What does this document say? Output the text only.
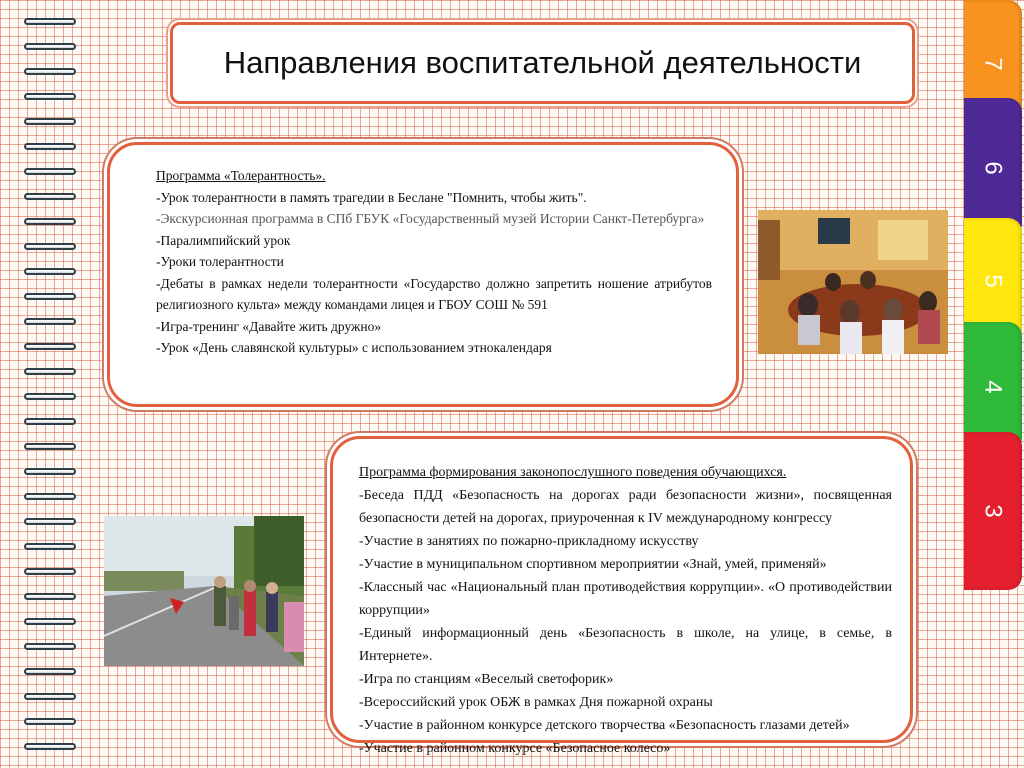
Направления воспитательной деятельности

Программа «Толерантность».

-Урок толерантности в память трагедии в Беслане "Помнить, чтобы жить".

-Экскурсионная программа в СПб ГБУК «Государственный музей Истории Санкт-Петербурга»

-Паралимпийский урок

-Уроки толерантности

-Дебаты в рамках недели толерантности «Государство должно запретить ношение атрибутов религиозного культа» между командами лицея и ГБОУ СОШ № 591

-Игра-тренинг «Давайте жить дружно»

-Урок «День славянской культуры» с использованием этнокалендаря

Программа формирования законопослушного поведения обучающихся.

-Беседа ПДД «Безопасность на дорогах ради безопасности жизни», посвященная безопасности детей на дорогах, приуроченная к IV международному конгрессу

-Участие в занятиях по пожарно-прикладному искусству

-Участие в муниципальном спортивном мероприятии «Знай, умей, применяй»

-Классный час «Национальный план противодействия коррупции». «О противодействии коррупции»

-Единый информационный день «Безопасность в школе, на улице, в семье, в Интернете».

-Игра по станциям «Веселый светофорик»

-Всероссийский урок ОБЖ в рамках Дня пожарной охраны

-Участие в районном конкурсе детского творчества «Безопасность глазами детей»

-Участие в районном конкурсе «Безопасное колесо»

7
6
5
4
3
